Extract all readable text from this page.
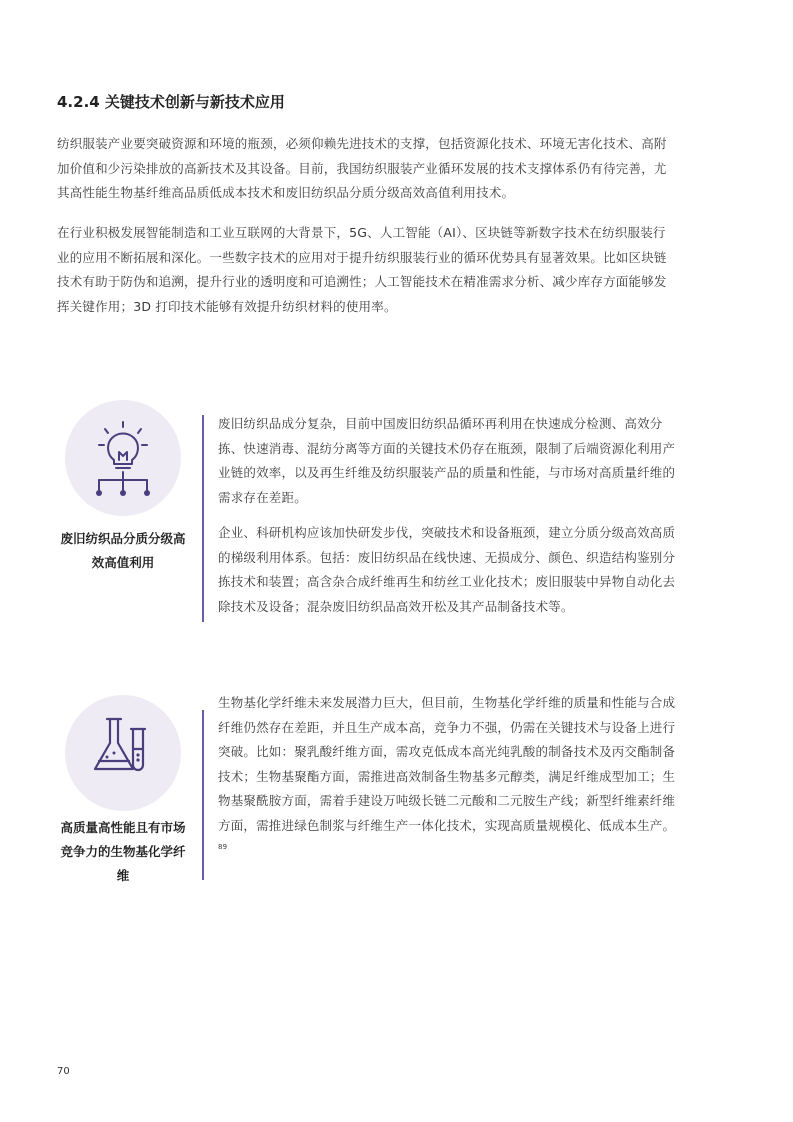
4.2.4 关键技术创新与新技术应用

纺织服装产业要突破资源和环境的瓶颈，必须仰赖先进技术的支撑，包括资源化技术、环境无害化技术、高附加价值和少污染排放的高新技术及其设备。目前，我国纺织服装产业循环发展的技术支撑体系仍有待完善，尤其高性能生物基纤维高品质低成本技术和废旧纺织品分质分级高效高值利用技术。

在行业积极发展智能制造和工业互联网的大背景下，5G、人工智能（AI）、区块链等新数字技术在纺织服装行业的应用不断拓展和深化。一些数字技术的应用对于提升纺织服装行业的循环优势具有显著效果。比如区块链技术有助于防伪和追溯，提升行业的透明度和可追溯性；人工智能技术在精准需求分析、减少库存方面能够发挥关键作用；3D 打印技术能够有效提升纺织材料的使用率。

废旧纺织品分质分级高效高值利用

废旧纺织品成分复杂，目前中国废旧纺织品循环再利用在快速成分检测、高效分拣、快速消毒、混纺分离等方面的关键技术仍存在瓶颈，限制了后端资源化利用产业链的效率，以及再生纤维及纺织服装产品的质量和性能，与市场对高质量纤维的需求存在差距。

企业、科研机构应该加快研发步伐，突破技术和设备瓶颈，建立分质分级高效高质的梯级利用体系。包括：废旧纺织品在线快速、无损成分、颜色、织造结构鉴别分拣技术和装置；高含杂合成纤维再生和纺丝工业化技术；废旧服装中异物自动化去除技术及设备；混杂废旧纺织品高效开松及其产品制备技术等。

高质量高性能且有市场竞争力的生物基化学纤维

生物基化学纤维未来发展潜力巨大，但目前，生物基化学纤维的质量和性能与合成纤维仍然存在差距，并且生产成本高，竞争力不强，仍需在关键技术与设备上进行突破。比如：聚乳酸纤维方面，需攻克低成本高光纯乳酸的制备技术及丙交酯制备技术；生物基聚酯方面，需推进高效制备生物基多元醇类，满足纤维成型加工；生物基聚酰胺方面，需着手建设万吨级长链二元酸和二元胺生产线；新型纤维素纤维方面，需推进绿色制浆与纤维生产一体化技术，实现高质量规模化、低成本生产。$^{89}$

70
